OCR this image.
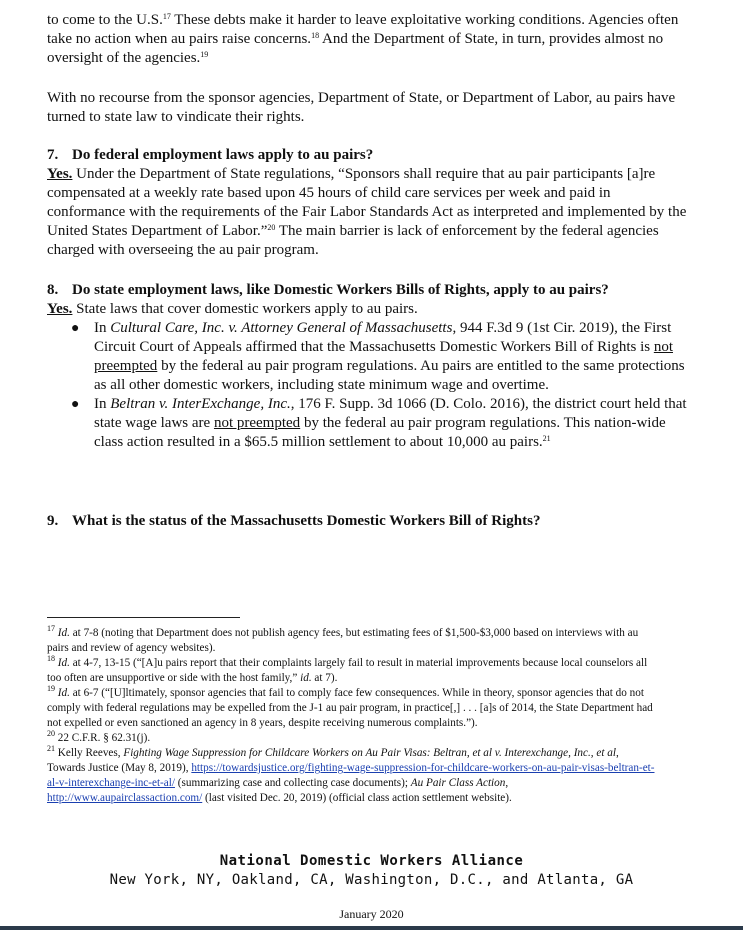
to come to the U.S.$^{17}$ These debts make it harder to leave exploitative working conditions. Agencies often take no action when au pairs raise concerns.$^{18}$ And the Department of State, in turn, provides almost no oversight of the agencies.$^{19}$

With no recourse from the sponsor agencies, Department of State, or Department of Labor, au pairs have turned to state law to vindicate their rights.

7. Do federal employment laws apply to au pairs?

Yes. Under the Department of State regulations, “Sponsors shall require that au pair participants [a]re compensated at a weekly rate based upon 45 hours of child care services per week and paid in conformance with the requirements of the Fair Labor Standards Act as interpreted and implemented by the United States Department of Labor.”$^{20}$ The main barrier is lack of enforcement by the federal agencies charged with overseeing the au pair program.

8. Do state employment laws, like Domestic Workers Bills of Rights, apply to au pairs?

Yes. State laws that cover domestic workers apply to au pairs.

● In Cultural Care, Inc. v. Attorney General of Massachusetts, 944 F.3d 9 (1st Cir. 2019), the First Circuit Court of Appeals affirmed that the Massachusetts Domestic Workers Bill of Rights is not preempted by the federal au pair program regulations. Au pairs are entitled to the same protections as all other domestic workers, including state minimum wage and overtime.
● In Beltran v. InterExchange, Inc., 176 F. Supp. 3d 1066 (D. Colo. 2016), the district court held that state wage laws are not preempted by the federal au pair program regulations. This nation-wide class action resulted in a $65.5 million settlement to about 10,000 au pairs.$^{21}$
9. What is the status of the Massachusetts Domestic Workers Bill of Rights?

$^{17}$ Id. at 7-8 (noting that Department does not publish agency fees, but estimating fees of $1,500-$3,000 based on interviews with au pairs and review of agency websites).

$^{18}$ Id. at 4-7, 13-15 (“[A]u pairs report that their complaints largely fail to result in material improvements because local counselors all too often are unsupportive or side with the host family,” id. at 7).

$^{19}$ Id. at 6-7 (“[U]ltimately, sponsor agencies that fail to comply face few consequences. While in theory, sponsor agencies that do not comply with federal regulations may be expelled from the J-1 au pair program, in practice[,] . . . [a]s of 2014, the State Department had not expelled or even sanctioned an agency in 8 years, despite receiving numerous complaints.”).

$^{20}$ 22 C.F.R. § 62.31(j).

$^{21}$ Kelly Reeves, Fighting Wage Suppression for Childcare Workers on Au Pair Visas: Beltran, et al v. Interexchange, Inc., et al, Towards Justice (May 8, 2019), https://towardsjustice.org/fighting-wage-suppression-for-childcare-workers-on-au-pair-visas-beltran-et-al-v-interexchange-inc-et-al/ (summarizing case and collecting case documents); Au Pair Class Action, http://www.aupairclassaction.com/ (last visited Dec. 20, 2019) (official class action settlement website).

National Domestic Workers Alliance
New York, NY, Oakland, CA, Washington, D.C., and Atlanta, GA
January 2020
